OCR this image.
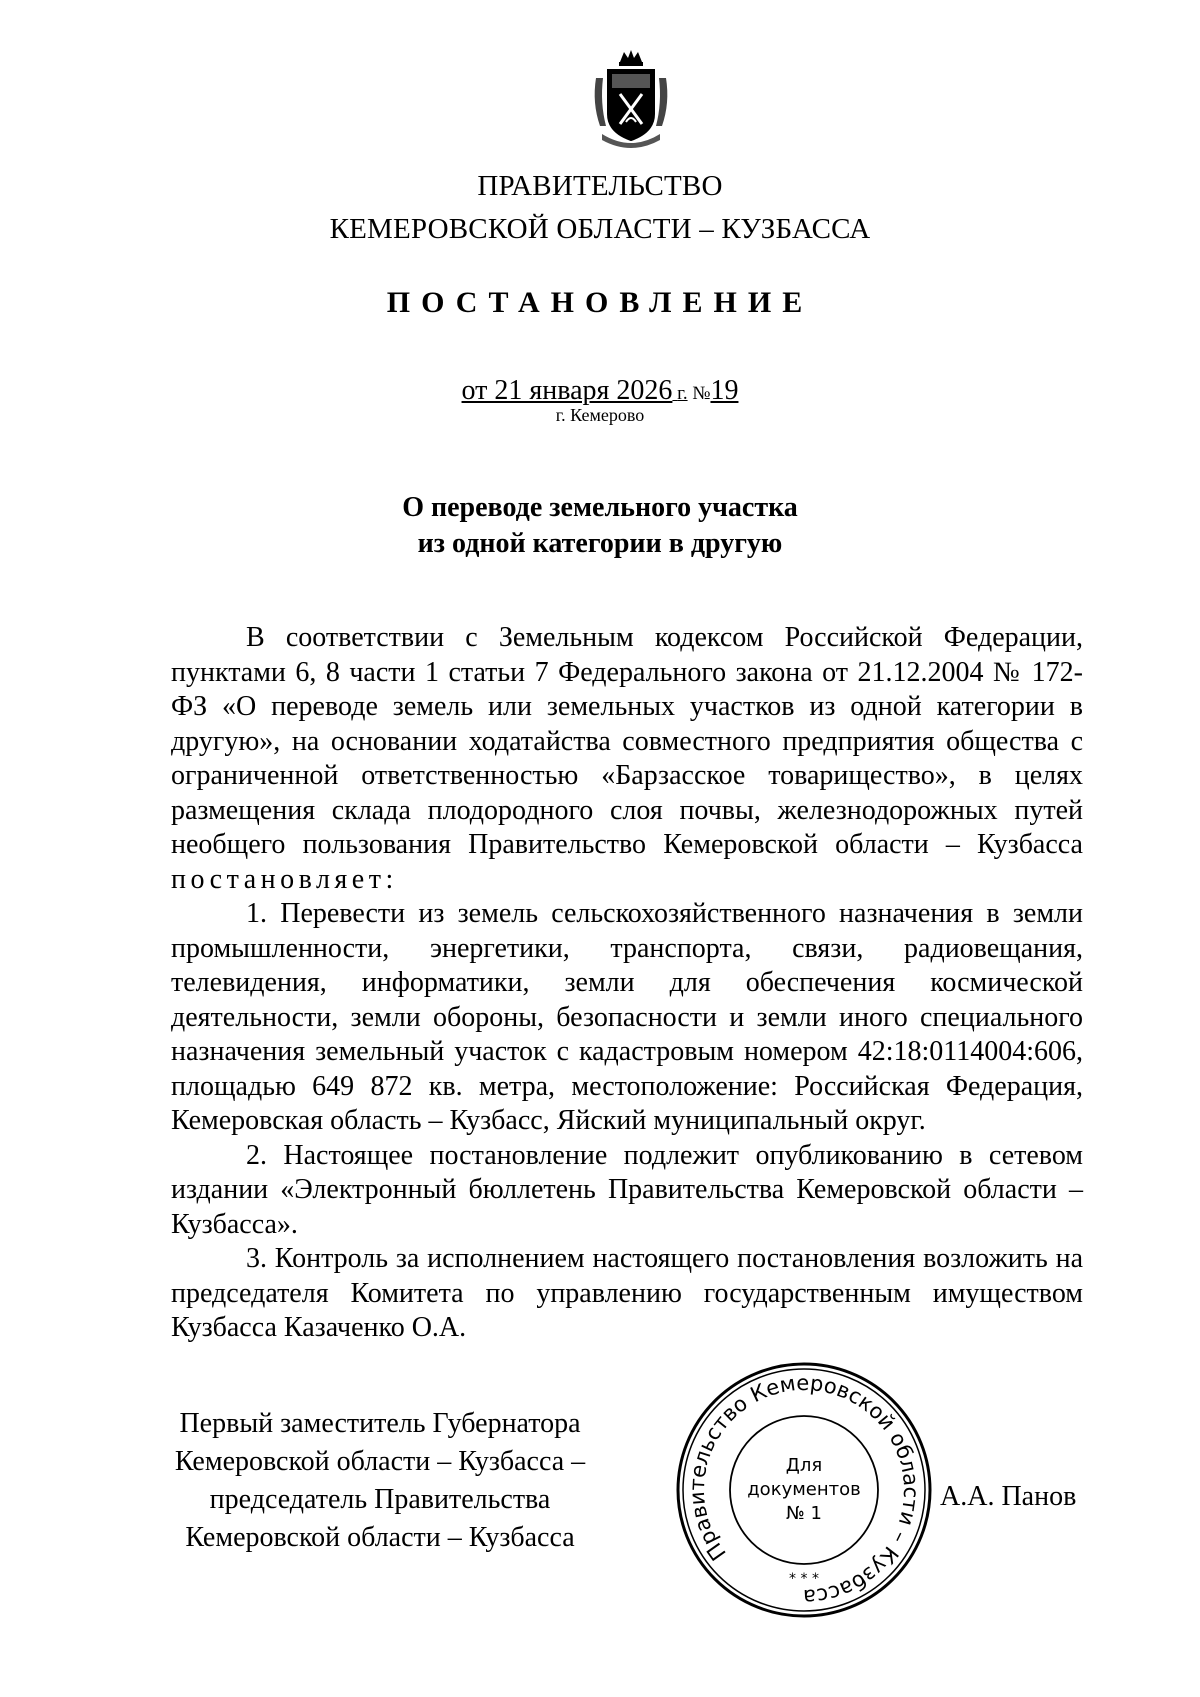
ПРАВИТЕЛЬСТВО
КЕМЕРОВСКОЙ ОБЛАСТИ – КУЗБАССА
ПОСТАНОВЛЕНИЕ
от 21 января 2026 г. №19
г. Кемерово
О переводе земельного участка
из одной категории в другую

В соответствии с Земельным кодексом Российской Федерации, пунктами 6, 8 части 1 статьи 7 Федерального закона от 21.12.2004 № 172-ФЗ «О переводе земель или земельных участков из одной категории в другую», на основании ходатайства совместного предприятия общества с ограниченной ответственностью «Барзасское товарищество», в целях размещения склада плодородного слоя почвы, железнодорожных путей необщего пользования Правительство Кемеровской области – Кузбасса постановляет:

1. Перевести из земель сельскохозяйственного назначения в земли промышленности, энергетики, транспорта, связи, радиовещания, телевидения, информатики, земли для обеспечения космической деятельности, земли обороны, безопасности и земли иного специального назначения земельный участок с кадастровым номером 42:18:0114004:606, площадью 649 872 кв. метра, местоположение: Российская Федерация, Кемеровская область – Кузбасс, Яйский муниципальный округ.

2. Настоящее постановление подлежит опубликованию в сетевом издании «Электронный бюллетень Правительства Кемеровской области – Кузбасса».

3. Контроль за исполнением настоящего постановления возложить на председателя Комитета по управлению государственным имуществом Кузбасса Казаченко О.А.

Первый заместитель Губернатора
Кемеровской области – Кузбасса –
председатель Правительства
Кемеровской области – Кузбасса	Правительство Кемеровской области – Кузбасса
* * *
Для
документов
№ 1
А.А. Панов
